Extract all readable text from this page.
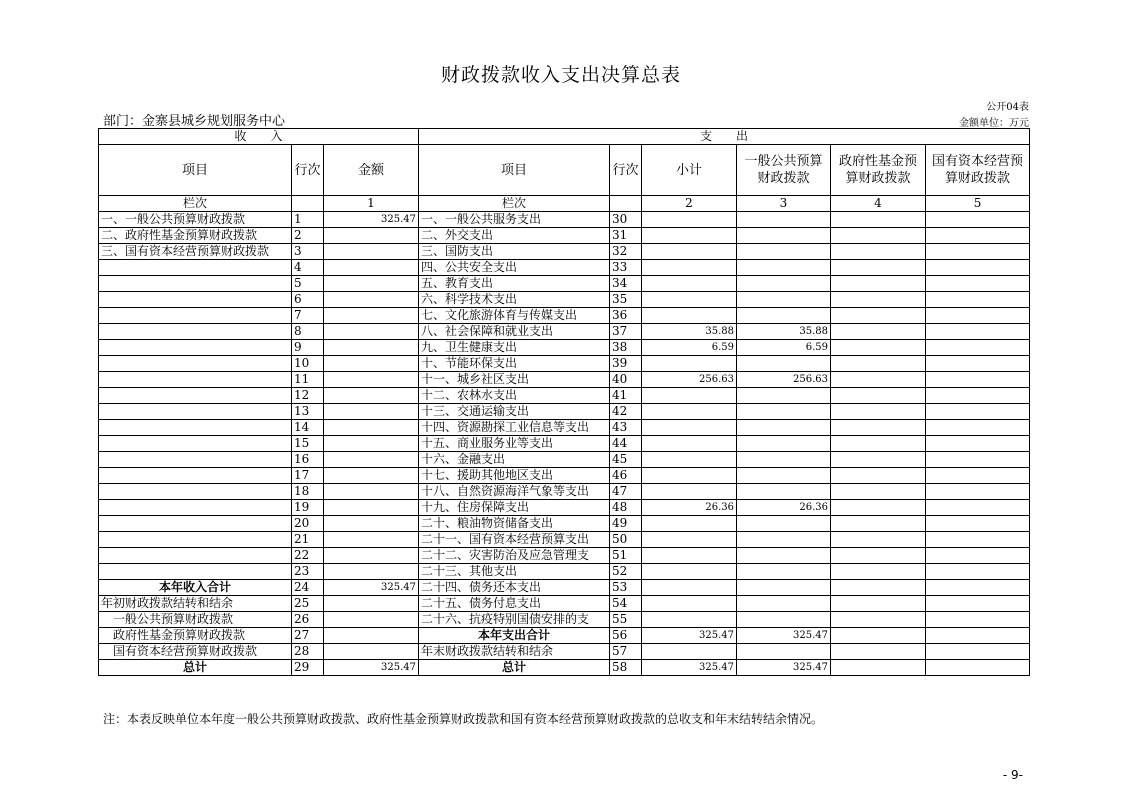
财政拨款收入支出决算总表
公开04表
部门：金寨县城乡规划服务中心	金额单位：万元
收　　入			支　　出					
项目	行次	金额	项目	行次	小计	一般公共预算财政拨款	政府性基金预算财政拨款	国有资本经营预算财政拨款
栏次		1	栏次		2	3	4	5
一、一般公共预算财政拨款	1	325.47	一、一般公共服务支出	30				
二、政府性基金预算财政拨款	2		二、外交支出	31				
三、国有资本经营预算财政拨款	3		三、国防支出	32				
	4		四、公共安全支出	33				
	5		五、教育支出	34				
	6		六、科学技术支出	35				
	7		七、文化旅游体育与传媒支出	36				
	8		八、社会保障和就业支出	37	35.88	35.88		
	9		九、卫生健康支出	38	6.59	6.59		
	10		十、节能环保支出	39				
	11		十一、城乡社区支出	40	256.63	256.63		
	12		十二、农林水支出	41				
	13		十三、交通运输支出	42				
	14		十四、资源勘探工业信息等支出	43				
	15		十五、商业服务业等支出	44				
	16		十六、金融支出	45				
	17		十七、援助其他地区支出	46				
	18		十八、自然资源海洋气象等支出	47				
	19		十九、住房保障支出	48	26.36	26.36		
	20		二十、粮油物资储备支出	49				
	21		二十一、国有资本经营预算支出	50				
	22		二十二、灾害防治及应急管理支	51				
	23		二十三、其他支出	52				
本年收入合计	24	325.47	二十四、债务还本支出	53				
年初财政拨款结转和结余	25		二十五、债务付息支出	54				
一般公共预算财政拨款	26		二十六、抗疫特别国债安排的支	55				
政府性基金预算财政拨款	27		本年支出合计	56	325.47	325.47		
国有资本经营预算财政拨款	28		年末财政拨款结转和结余	57				
总计	29	325.47	总计	58	325.47	325.47		
注：本表反映单位本年度一般公共预算财政拨款、政府性基金预算财政拨款和国有资本经营预算财政拨款的总收支和年末结转结余情况。
- 9-
